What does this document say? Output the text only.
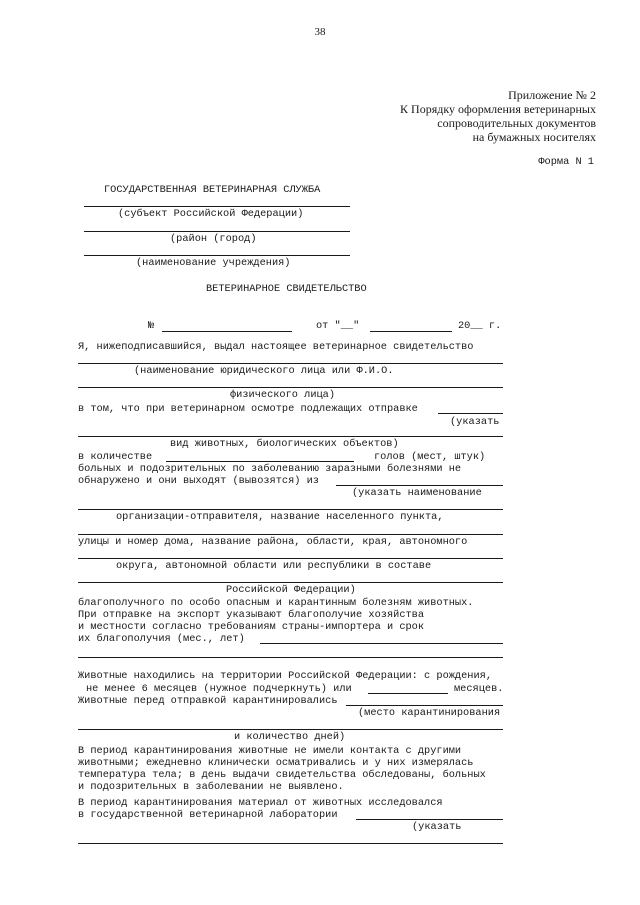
38
Приложение № 2
К Порядку оформления ветеринарных
сопроводительных документов
на бумажных носителях
Форма N 1
ГОСУДАРСТВЕННАЯ ВЕТЕРИНАРНАЯ СЛУЖБА
(субъект Российской Федерации)
(район (город)
(наименование учреждения)
ВЕТЕРИНАРНОЕ СВИДЕТЕЛЬСТВО
№	от "__"	20__ г.
Я, нижеподписавшийся, выдал настоящее ветеринарное свидетельство
(наименование юридического лица или Ф.И.О.
физического лица)
в том, что при ветеринарном осмотре подлежащих отправке
(указать
вид животных, биологических объектов)
в количестве	голов (мест, штук)
больных и подозрительных по заболеванию заразными болезнями не
обнаружено и они выходят (вывозятся) из
(указать наименование
организации-отправителя, название населенного пункта,
улицы и номер дома, название района, области, края, автономного
округа, автономной области или республики в составе
Российской Федерации)
благополучного по особо опасным и карантинным болезням животных.
При отправке на экспорт указывают благополучие хозяйства
и местности согласно требованиям страны-импортера и срок
их благополучия (мес., лет)
Животные находились на территории Российской Федерации: с рождения,
не менее 6 месяцев (нужное подчеркнуть) или	месяцев.
Животные перед отправкой карантинировались
(место карантинирования
и количество дней)
В период карантинирования животные не имели контакта с другими
животными; ежедневно клинически осматривались и у них измерялась
температура тела; в день выдачи свидетельства обследованы, больных
и подозрительных в заболевании не выявлено.
В период карантинирования материал от животных исследовался
в государственной ветеринарной лаборатории
(указать
